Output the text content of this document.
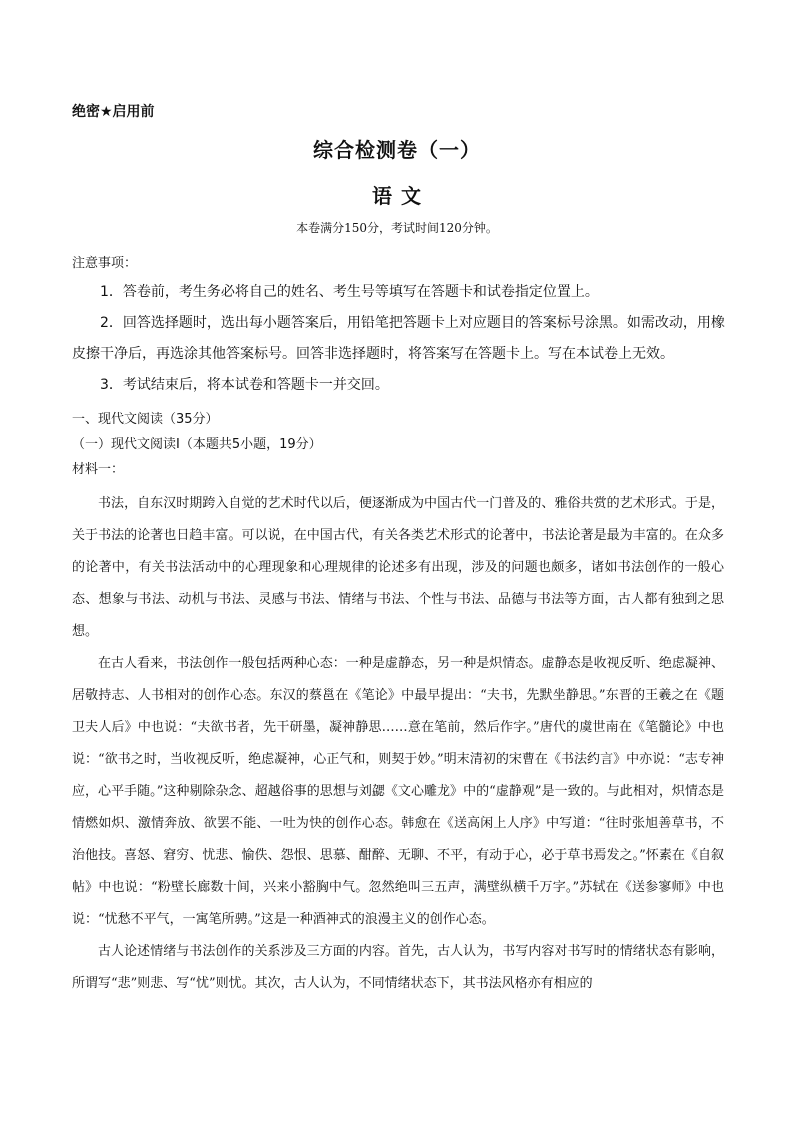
绝密★启用前
综合检测卷（一）
语 文
本卷满分150分，考试时间120分钟。
注意事项：

1．答卷前，考生务必将自己的姓名、考生号等填写在答题卡和试卷指定位置上。

2．回答选择题时，选出每小题答案后，用铅笔把答题卡上对应题目的答案标号涂黑。如需改动，用橡皮擦干净后，再选涂其他答案标号。回答非选择题时，将答案写在答题卡上。写在本试卷上无效。

3．考试结束后，将本试卷和答题卡一并交回。

一、现代文阅读（35分）
（一）现代文阅读Ⅰ（本题共5小题，19分）
材料一：

书法，自东汉时期跨入自觉的艺术时代以后，便逐渐成为中国古代一门普及的、雅俗共赏的艺术形式。于是，关于书法的论著也日趋丰富。可以说，在中国古代，有关各类艺术形式的论著中，书法论著是最为丰富的。在众多的论著中，有关书法活动中的心理现象和心理规律的论述多有出现，涉及的问题也颇多，诸如书法创作的一般心态、想象与书法、动机与书法、灵感与书法、情绪与书法、个性与书法、品德与书法等方面，古人都有独到之思想。

在古人看来，书法创作一般包括两种心态：一种是虚静态，另一种是炽情态。虚静态是收视反听、绝虑凝神、居敬持志、人书相对的创作心态。东汉的蔡邕在《笔论》中最早提出：“夫书，先默坐静思。”东晋的王羲之在《题卫夫人后》中也说：“夫欲书者，先干研墨，凝神静思……意在笔前，然后作字。”唐代的虞世南在《笔髓论》中也说：“欲书之时，当收视反听，绝虑凝神，心正气和，则契于妙。”明末清初的宋曹在《书法约言》中亦说：“志专神应，心平手随。”这种剔除杂念、超越俗事的思想与刘勰《文心雕龙》中的“虚静观”是一致的。与此相对，炽情态是情燃如炽、激情奔放、欲罢不能、一吐为快的创作心态。韩愈在《送高闲上人序》中写道：“往时张旭善草书，不治他技。喜怒、窘穷、忧悲、愉佚、怨恨、思慕、酣醉、无聊、不平，有动于心，必于草书焉发之。”怀素在《自叙帖》中也说：“粉壁长廊数十间，兴来小豁胸中气。忽然绝叫三五声，满壁纵横千万字。”苏轼在《送参寥师》中也说：“忧愁不平气，一寓笔所骋。”这是一种酒神式的浪漫主义的创作心态。

古人论述情绪与书法创作的关系涉及三方面的内容。首先，古人认为，书写内容对书写时的情绪状态有影响，所谓写“悲”则悲、写“忧”则忧。其次，古人认为，不同情绪状态下，其书法风格亦有相应的
